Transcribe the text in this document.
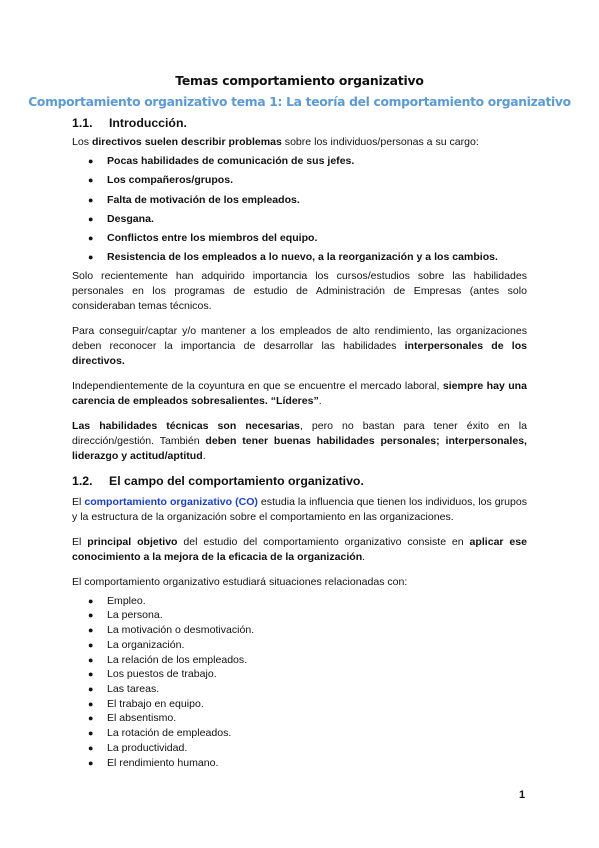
Temas comportamiento organizativo
Comportamiento organizativo tema 1: La teoría del comportamiento organizativo
1.1.	Introducción.

Los directivos suelen describir problemas sobre los individuos/personas a su cargo:

● Pocas habilidades de comunicación de sus jefes.
● Los compañeros/grupos.
● Falta de motivación de los empleados.
● Desgana.
● Conflictos entre los miembros del equipo.
● Resistencia de los empleados a lo nuevo, a la reorganización y a los cambios.

Solo recientemente han adquirido importancia los cursos/estudios sobre las habilidades personales en los programas de estudio de Administración de Empresas (antes solo consideraban temas técnicos.

Para conseguir/captar y/o mantener a los empleados de alto rendimiento, las organizaciones deben reconocer la importancia de desarrollar las habilidades interpersonales de los directivos.

Independientemente de la coyuntura en que se encuentre el mercado laboral, siempre hay una carencia de empleados sobresalientes. “Líderes”.

Las habilidades técnicas son necesarias, pero no bastan para tener éxito en la dirección/gestión. También deben tener buenas habilidades personales; interpersonales, liderazgo y actitud/aptitud.

1.2.	El campo del comportamiento organizativo.

El comportamiento organizativo (CO) estudia la influencia que tienen los individuos, los grupos y la estructura de la organización sobre el comportamiento en las organizaciones.

El principal objetivo del estudio del comportamiento organizativo consiste en aplicar ese conocimiento a la mejora de la eficacia de la organización.

El comportamiento organizativo estudiará situaciones relacionadas con:

● Empleo.
● La persona.
● La motivación o desmotivación.
● La organización.
● La relación de los empleados.
● Los puestos de trabajo.
● Las tareas.
● El trabajo en equipo.
● El absentismo.
● La rotación de empleados.
● La productividad.
● El rendimiento humano.
1
